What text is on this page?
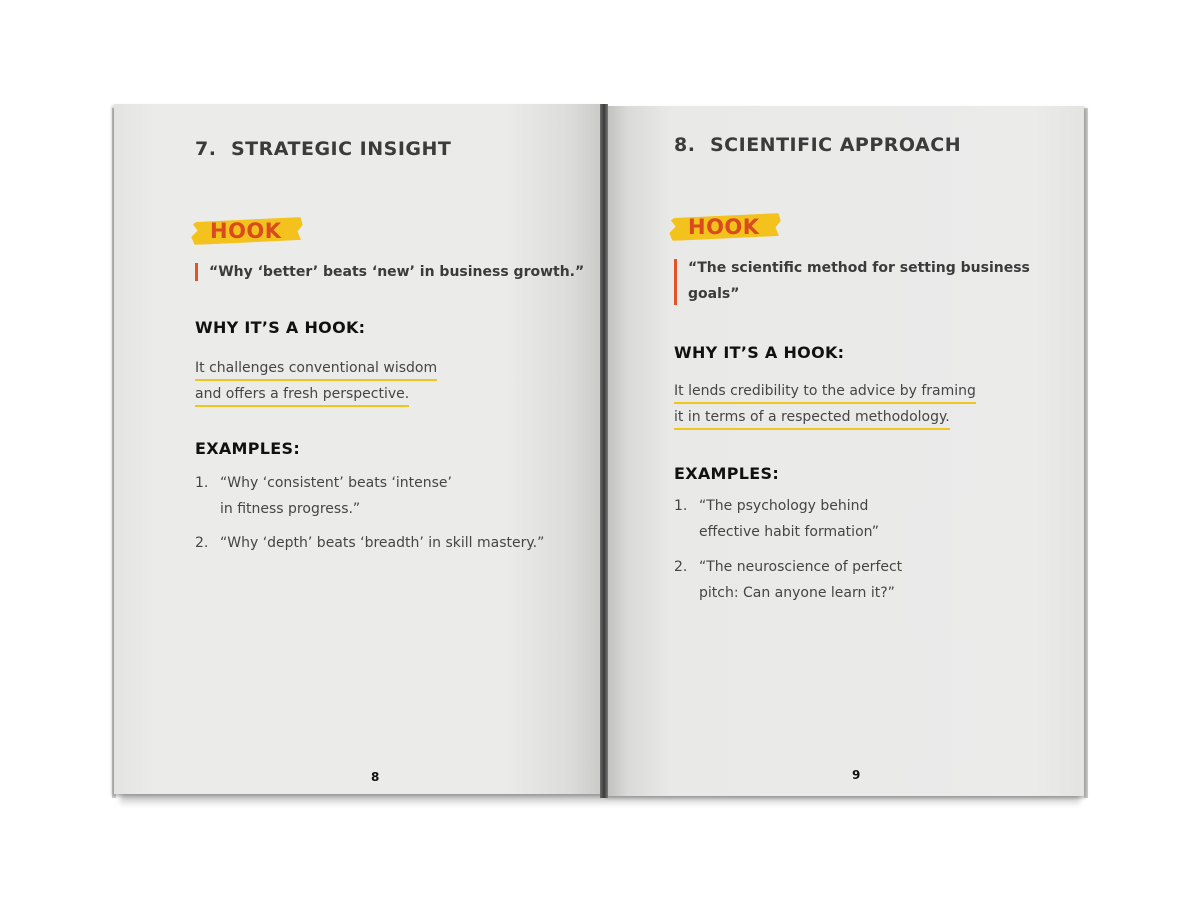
7. STRATEGIC INSIGHT
HOOK
“Why ‘better’ beats ‘new’ in business growth.”
WHY IT’S A HOOK:
It challenges conventional wisdom
and offers a fresh perspective.
EXAMPLES:
1. “Why ‘consistent’ beats ‘intense’
in fitness progress.”
2. “Why ‘depth’ beats ‘breadth’ in skill mastery.”
8
8. SCIENTIFIC APPROACH
HOOK
“The scientific method for setting business
goals”
WHY IT’S A HOOK:
It lends credibility to the advice by framing
it in terms of a respected methodology.
EXAMPLES:
1. “The psychology behind
effective habit formation”
2. “The neuroscience of perfect
pitch: Can anyone learn it?”
9
